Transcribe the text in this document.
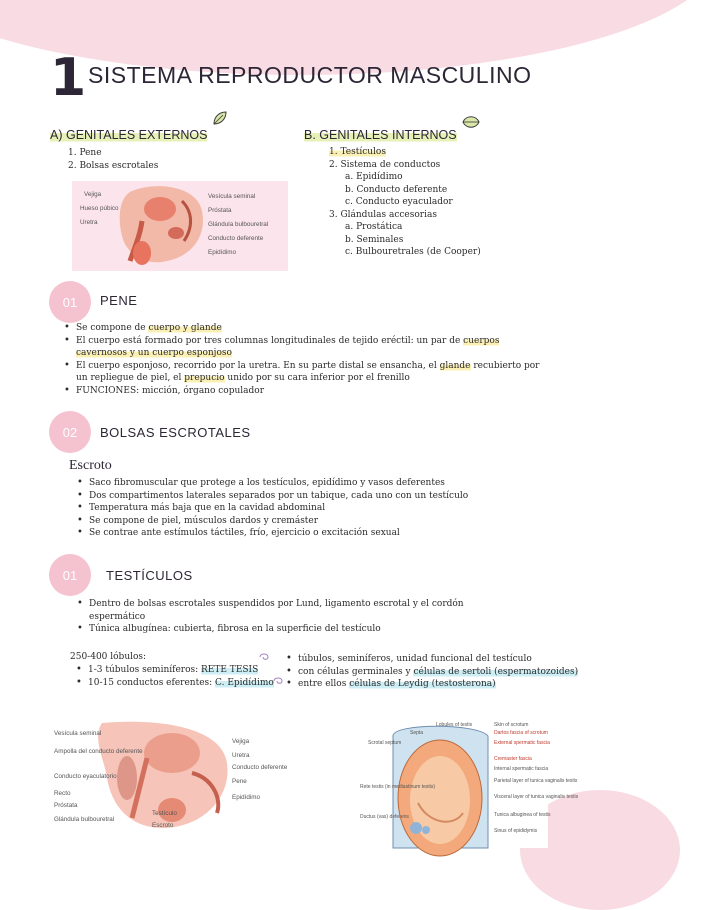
1 SISTEMA REPRODUCTOR MASCULINO
A) GENITALES EXTERNOS
1. Pene
2. Bolsas escrotales
Vejiga
Hueso púbico
Uretra
Vesícula seminal
Próstata
Glándula bulbouretral
Conducto deferente
Epidídimo
B. GENITALES INTERNOS
1. Testículos
2. Sistema de conductos
a. Epidídimo
b. Conducto deferente
c. Conducto eyaculador
3. Glándulas accesorias
a. Prostática
b. Seminales
c. Bulbouretrales (de Cooper)
01	PENE
• Se compone de cuerpo y glande
• El cuerpo está formado por tres columnas longitudinales de tejido eréctil: un par de cuerpos cavernosos y un cuerpo esponjoso
• El cuerpo esponjoso, recorrido por la uretra. En su parte distal se ensancha, el glande recubierto por un repliegue de piel, el prepucio unido por su cara inferior por el frenillo
• FUNCIONES: micción, órgano copulador
02	BOLSAS ESCROTALES
Escroto
• Saco fibromuscular que protege a los testículos, epidídimo y vasos deferentes
• Dos compartimentos laterales separados por un tabique, cada uno con un testículo
• Temperatura más baja que en la cavidad abdominal
• Se compone de piel, músculos dardos y cremáster
• Se contrae ante estímulos táctiles, frío, ejercicio o excitación sexual
01	TESTÍCULOS
• Dentro de bolsas escrotales suspendidos por Lund, ligamento escrotal y el cordón espermático
• Túnica albugínea: cubierta, fibrosa en la superficie del testículo
250-400 lóbulos:
• 1-3 túbulos seminíferos: RETE TESIS
• 10-15 conductos eferentes: C. Epidídimo
• túbulos, seminíferos, unidad funcional del testículo
• con células germinales y células de sertoli (espermatozoides)
• entre ellos células de Leydig (testosterona)
Vesícula seminal
Ampolla del conducto deferente
Conducto eyaculatorio
Recto
Próstata
Glándula bulbouretral
Vejiga
Uretra
Conducto deferente
Pene
Epidídimo
Testículo
Escroto
Lobules of testis
Septa
Scrotal septum
Skin of scrotum
Dartos fascia of scrotum
External spermatic fascia
Cremaster fascia
Internal spermatic fascia
Parietal layer of tunica vaginalis testis
Visceral layer of tunica vaginalis testis
Tunica albuginea of testis
Sinus of epididymis
Rete testis (in mediastinum testis)
Ductus (vas) deferens
